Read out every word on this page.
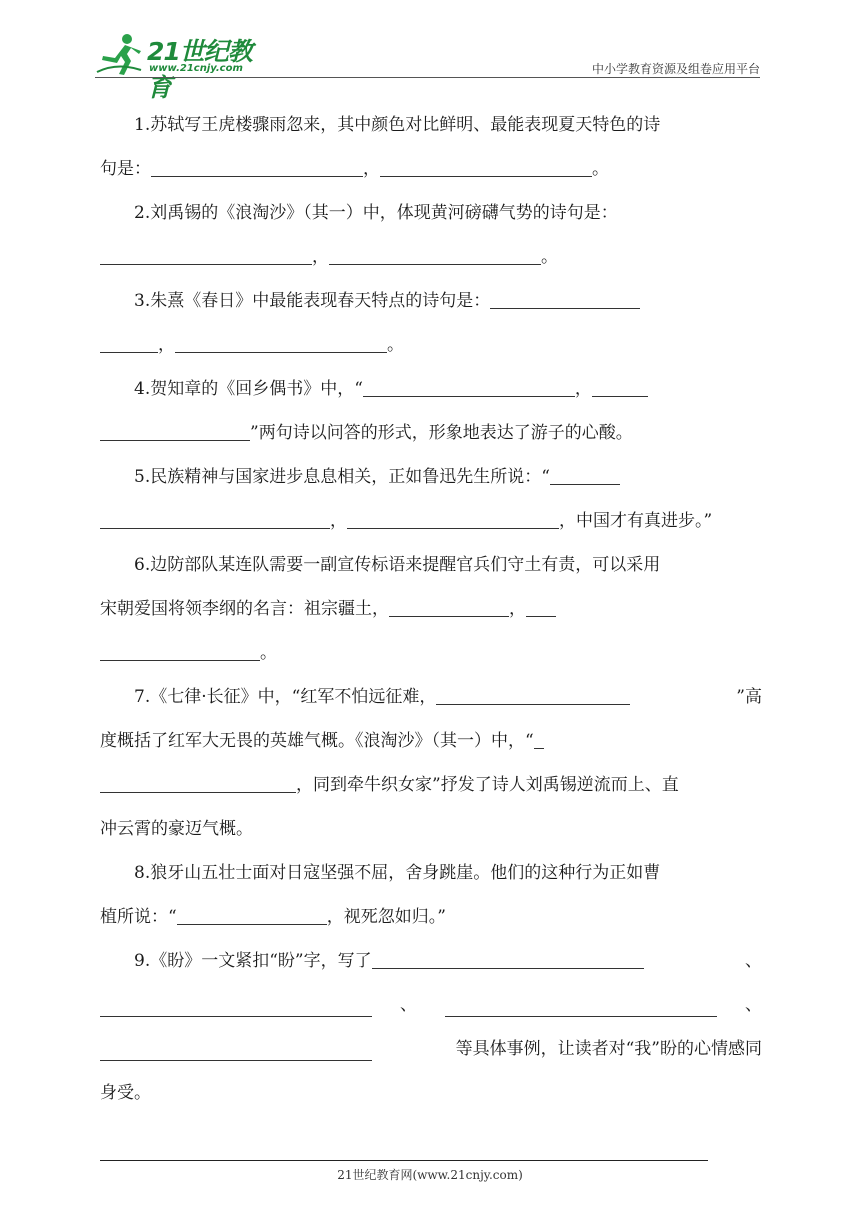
21世纪教育
www.21cnjy.com	中小学教育资源及组卷应用平台
1.苏轼写王虎楼骤雨忽来，其中颜色对比鲜明、最能表现夏天特色的诗
句是：	，	。
2.刘禹锡的《浪淘沙》（其一）中，体现黄河磅礴气势的诗句是：
，	。
3.朱熹《春日》中最能表现春天特点的诗句是：
，	。
4.贺知章的《回乡偶书》中，“	，
”两句诗以问答的形式，形象地表达了游子的心酸。
5.民族精神与国家进步息息相关，正如鲁迅先生所说：“
，	，中国才有真进步。”
6.边防部队某连队需要一副宣传标语来提醒官兵们守土有责，可以采用
宋朝爱国将领李纲的名言：祖宗疆土，	，
。
7.《七律·长征》中，“红军不怕远征难，	”高
度概括了红军大无畏的英雄气概。《浪淘沙》（其一）中，“
，同到牵牛织女家”抒发了诗人刘禹锡逆流而上、直
冲云霄的豪迈气概。
8.狼牙山五壮士面对日寇坚强不屈，舍身跳崖。他们的这种行为正如曹
植所说：“	，视死忽如归。”
9.《盼》一文紧扣“盼”字，写了	、
、	、
等具体事例，让读者对“我”盼的心情感同
身受。
21世纪教育网(www.21cnjy.com)
